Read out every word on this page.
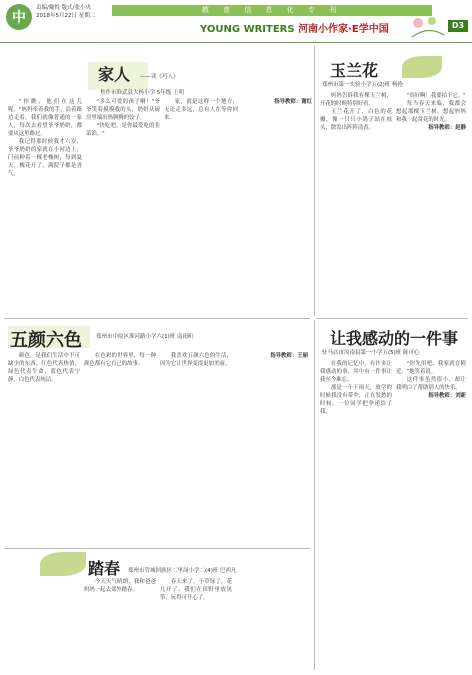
中
责编/戴悦 版式/张小央
2018年5月22日 星期二
教 育 信 息 化 专 刊
YOUNG WRITERS 河南小作家·E学中国	D3
家人 ——读《巧人》
焦作市修武县大杨小学 5年级 王明

"你瞧，他们在这儿呢。"妈妈牵着我的手，沿着路边走着。我们就像普通的一家人，每次去看望爷爷奶奶，都要从这里路过。

我记得那时候我才六岁，爷爷奶奶的家就在小河边上，门前种着一棵老槐树，每到夏天，槐花开了，满院子都是香气。

"多么可爱的孩子啊！"爷爷笑着摸摸我的头，奶奶从厨房里端出热腾腾的饺子。

"快吃吧，是你最爱吃的韭菜馅。"

家，就是这样一个地方，无论走多远，总有人在等你回来。

指导教师：谢红

玉兰花
郑州市第一实验小学五(2)班 杨艳

妈妈告诉我有棵玉兰树，开花的时候特别好看。

玉兰花开了，白色的花瓣，像一只只小鸽子站在枝头，散发出阵阵清香。

"真好啊！我要拍下它。"

每当春天来临，我都会想起那棵玉兰树，想起妈妈和我一起赏花的时光。

指导教师：赵静

五颜六色	郑州市中原区淮河路小学六(1)班 南雨昕

颜色，是我们生活中不可缺少的东西。红色代表热情，绿色代表生命，蓝色代表宁静，白色代表纯洁。

在色彩的世界里，每一种颜色都有它自己的故事。

我喜欢五颜六色的生活，因为它让世界变得更加美丽。

指导教师：王丽

让我感动的一件事
驻马店市汝南县第一小学五(5)班 陈可心

在我的记忆中，有许多让我感动的事，其中有一件事让我至今难忘。

那是一个下雨天，放学的时候我没有带伞，正在发愁的时候，一位同学把伞递给了我。

"你先用吧，我家就在附近。"她笑着说。

这件事虽然很小，却让我明白了帮助别人的快乐。

指导教师：刘新

踏春 郑州市管城回族区二里岗小学二(4)班 巴西凡

今天天气晴朗，我和爸爸妈妈一起去郊外踏春。

春天来了，小草绿了，花儿开了，我们在田野里放风筝，玩得可开心了。
